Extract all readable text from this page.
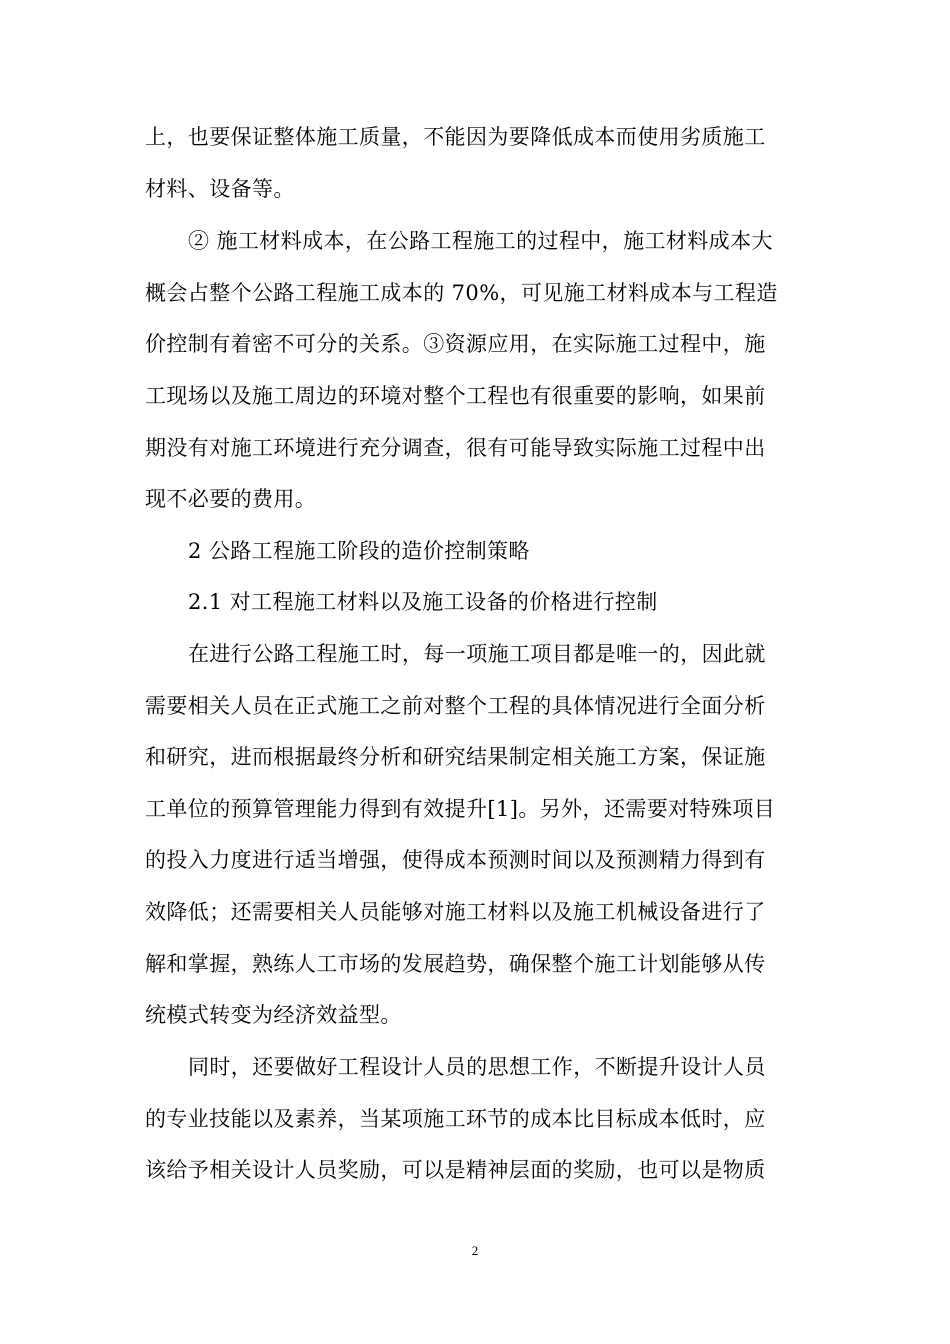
上，也要保证整体施工质量，不能因为要降低成本而使用劣质施工
材料、设备等。
② 施工材料成本，在公路工程施工的过程中，施工材料成本大
概会占整个公路工程施工成本的 70%，可见施工材料成本与工程造
价控制有着密不可分的关系。③资源应用，在实际施工过程中，施
工现场以及施工周边的环境对整个工程也有很重要的影响，如果前
期没有对施工环境进行充分调查，很有可能导致实际施工过程中出
现不必要的费用。
2 公路工程施工阶段的造价控制策略
2.1 对工程施工材料以及施工设备的价格进行控制
在进行公路工程施工时，每一项施工项目都是唯一的，因此就
需要相关人员在正式施工之前对整个工程的具体情况进行全面分析
和研究，进而根据最终分析和研究结果制定相关施工方案，保证施
工单位的预算管理能力得到有效提升[1]。另外，还需要对特殊项目
的投入力度进行适当增强，使得成本预测时间以及预测精力得到有
效降低；还需要相关人员能够对施工材料以及施工机械设备进行了
解和掌握，熟练人工市场的发展趋势，确保整个施工计划能够从传
统模式转变为经济效益型。
同时，还要做好工程设计人员的思想工作，不断提升设计人员
的专业技能以及素养，当某项施工环节的成本比目标成本低时，应
该给予相关设计人员奖励，可以是精神层面的奖励，也可以是物质
2
